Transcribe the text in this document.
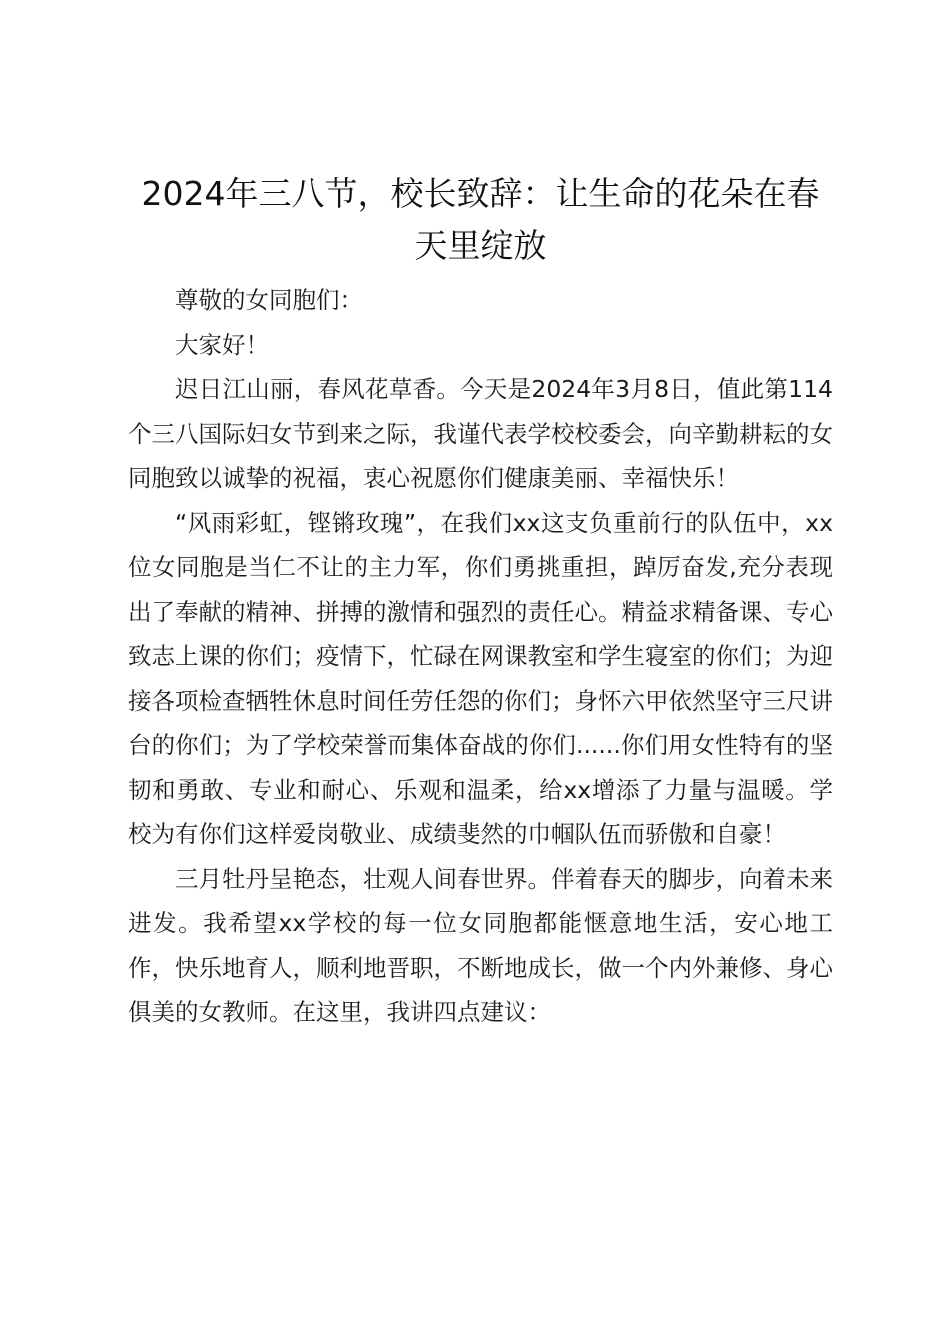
2024年三八节，校长致辞：让生命的花朵在春天里绽放

尊敬的女同胞们：

大家好！

迟日江山丽，春风花草香。今天是2024年3月8日，值此第114个三八国际妇女节到来之际，我谨代表学校校委会，向辛勤耕耘的女同胞致以诚挚的祝福，衷心祝愿你们健康美丽、幸福快乐！

“风雨彩虹，铿锵玫瑰”，在我们xx这支负重前行的队伍中，xx位女同胞是当仁不让的主力军，你们勇挑重担，踔厉奋发,充分表现出了奉献的精神、拼搏的激情和强烈的责任心。精益求精备课、专心致志上课的你们；疫情下，忙碌在网课教室和学生寝室的你们；为迎接各项检查牺牲休息时间任劳任怨的你们；身怀六甲依然坚守三尺讲台的你们；为了学校荣誉而集体奋战的你们......你们用女性特有的坚韧和勇敢、专业和耐心、乐观和温柔，给xx增添了力量与温暖。学校为有你们这样爱岗敬业、成绩斐然的巾帼队伍而骄傲和自豪！

三月牡丹呈艳态，壮观人间春世界。伴着春天的脚步，向着未来进发。我希望xx学校的每一位女同胞都能惬意地生活，安心地工作，快乐地育人，顺利地晋职，不断地成长，做一个内外兼修、身心俱美的女教师。在这里，我讲四点建议：
